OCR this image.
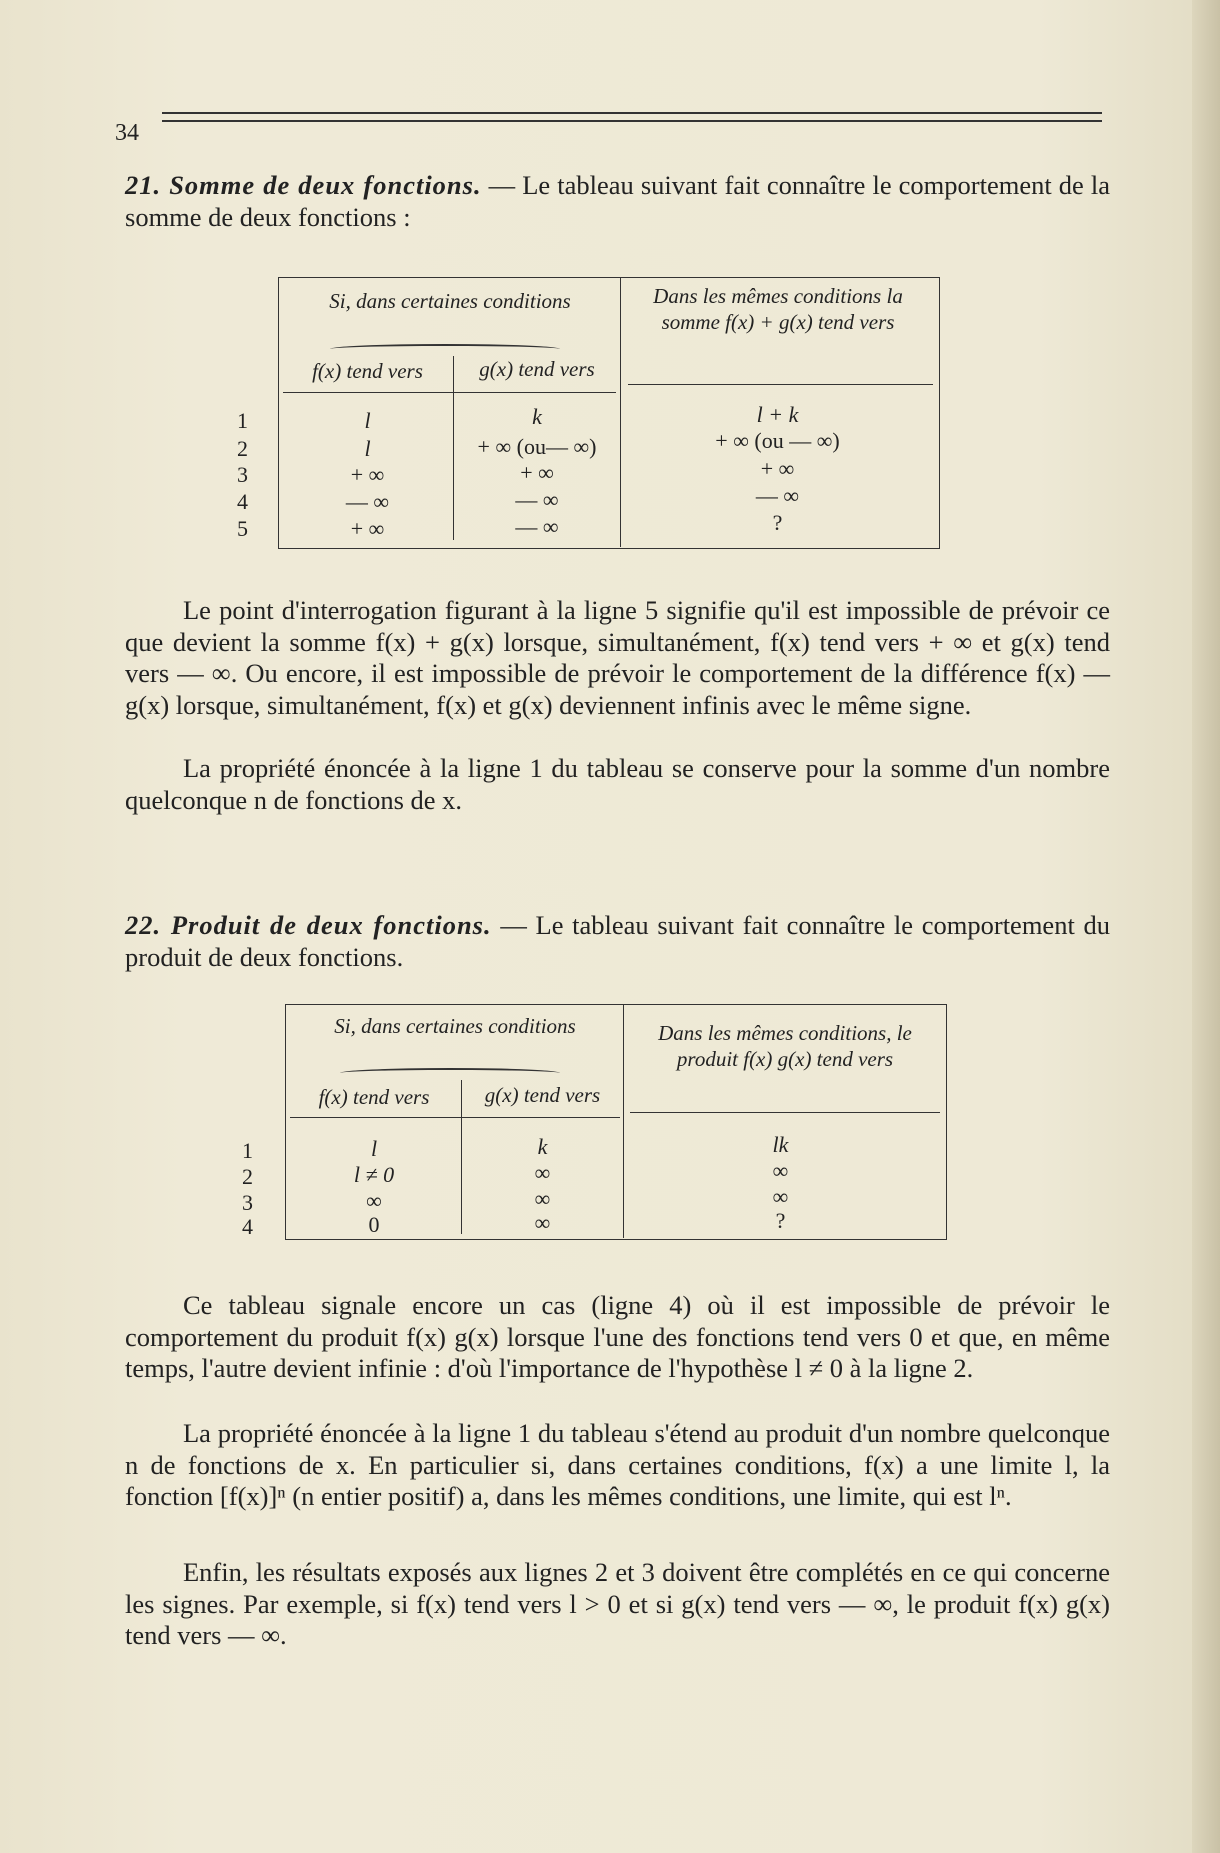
34

21. Somme de deux fonctions. — Le tableau suivant fait connaître le comportement de la somme de deux fonctions :

Si, dans certaines conditions	Dans les mêmes conditions la somme f(x) + g(x) tend vers
f(x) tend vers	g(x) tend vers
1	l	k	l + k
2	l	+ ∞ (ou— ∞)	+ ∞ (ou — ∞)
3	+ ∞	+ ∞	+ ∞
4	— ∞	— ∞	— ∞
5	+ ∞	— ∞	?

Le point d'interrogation figurant à la ligne 5 signifie qu'il est impossible de prévoir ce que devient la somme f(x) + g(x) lorsque, simultanément, f(x) tend vers + ∞ et g(x) tend vers — ∞. Ou encore, il est impossible de prévoir le comportement de la différence f(x) — g(x) lorsque, simultanément, f(x) et g(x) deviennent infinis avec le même signe.

La propriété énoncée à la ligne 1 du tableau se conserve pour la somme d'un nombre quelconque n de fonctions de x.

22. Produit de deux fonctions. — Le tableau suivant fait connaître le comportement du produit de deux fonctions.

Si, dans certaines conditions	Dans les mêmes conditions, le produit f(x) g(x) tend vers
f(x) tend vers	g(x) tend vers
1	l	k	lk
2	l ≠ 0	∞	∞
3	∞	∞	∞
4	0	∞	?

Ce tableau signale encore un cas (ligne 4) où il est impossible de prévoir le comportement du produit f(x) g(x) lorsque l'une des fonctions tend vers 0 et que, en même temps, l'autre devient infinie : d'où l'importance de l'hypothèse l ≠ 0 à la ligne 2.

La propriété énoncée à la ligne 1 du tableau s'étend au produit d'un nombre quelconque n de fonctions de x. En particulier si, dans certaines conditions, f(x) a une limite l, la fonction [f(x)]ⁿ (n entier positif) a, dans les mêmes conditions, une limite, qui est lⁿ.

Enfin, les résultats exposés aux lignes 2 et 3 doivent être complétés en ce qui concerne les signes. Par exemple, si f(x) tend vers l > 0 et si g(x) tend vers — ∞, le produit f(x) g(x) tend vers — ∞.
